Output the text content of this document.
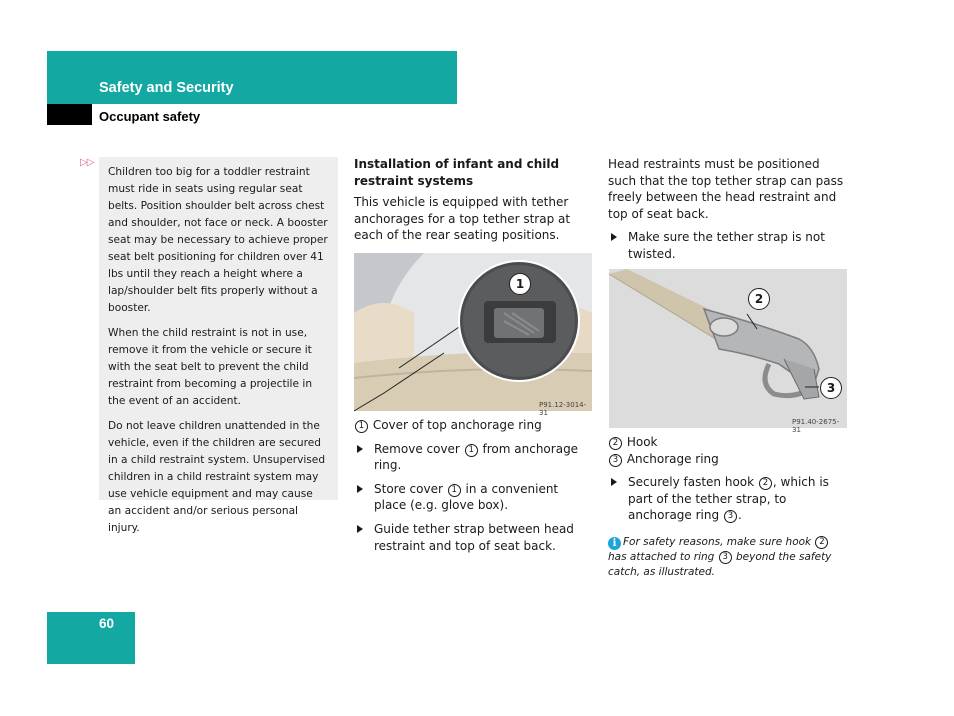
Safety and Security
Occupant safety
▷▷

Children too big for a toddler restraint must ride in seats using regular seat belts. Position shoulder belt across chest and shoulder, not face or neck. A booster seat may be necessary to achieve proper seat belt positioning for children over 41 lbs until they reach a height where a lap/shoulder belt fits properly without a booster.

When the child restraint is not in use, remove it from the vehicle or secure it with the seat belt to prevent the child restraint from becoming a projectile in the event of an accident.

Do not leave children unattended in the vehicle, even if the children are secured in a child restraint system. Unsupervised children in a child restraint system may use vehicle equipment and may cause an accident and/or serious personal injury.

Installation of infant and child restraint systems

This vehicle is equipped with tether anchorages for a top tether strap at each of the rear seating positions.

1
P91.12-3014-31

1 Cover of top anchorage ring

Remove cover 1 from anchorage ring.

Store cover 1 in a convenient place (e.g. glove box).

Guide tether strap between head restraint and top of seat back.

Head restraints must be positioned such that the top tether strap can pass freely between the head restraint and top of seat back.

Make sure the tether strap is not twisted.

2
3
P91.40-2675-31

2 Hook

3 Anchorage ring

Securely fasten hook 2 , which is part of the tether strap, to anchorage ring 3 .

i For safety reasons, make sure hook 2 has attached to ring 3 beyond the safety catch, as illustrated.
60
